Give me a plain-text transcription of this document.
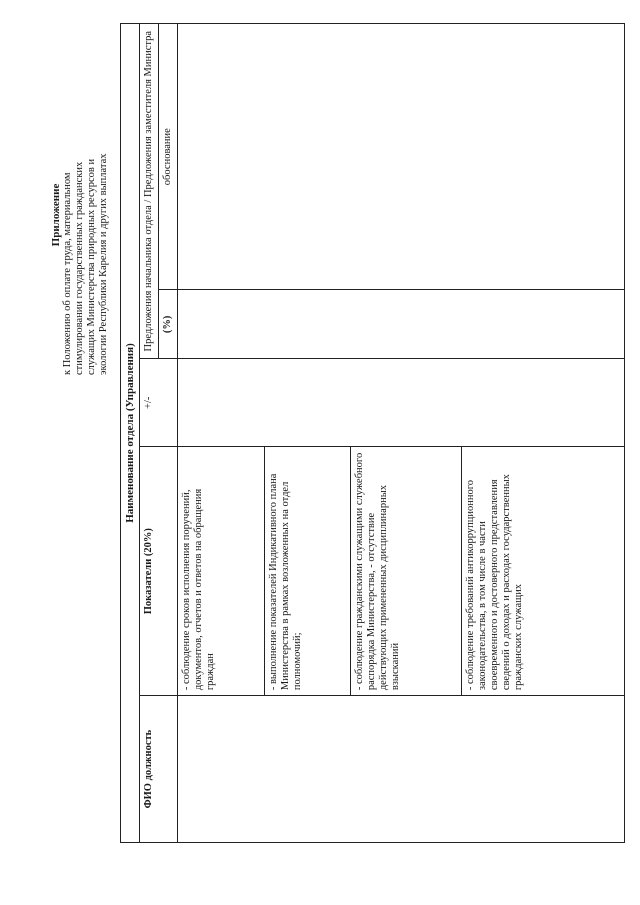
Приложение к Положению об оплате труда, материальном стимулировании государственных гражданских служащих Министерства природных ресурсов и экологии Республики Карелия и других выплатах
Наименование отдела (Управления)				
ФИО должность	Показатели (20%)	+/-	Предложения начальника отдела / Предложения заместителя Министра	
			(%)	обоснование
	- соблюдение сроков исполнения поручений, документов, отчетов и ответов на обращения граждан			
	- выполнение показателей Индикативного плана Министерства в рамках возложенных на отдел полномочий;			
	- соблюдение гражданскими служащими служебного распорядка Министерства, - отсутствие действующих примененных дисциплинарных взысканий			
	- соблюдение требований антикоррупционного законодательства, в том числе в части своевременного и достоверного представления сведений о доходах и расходах государственных гражданских служащих			
